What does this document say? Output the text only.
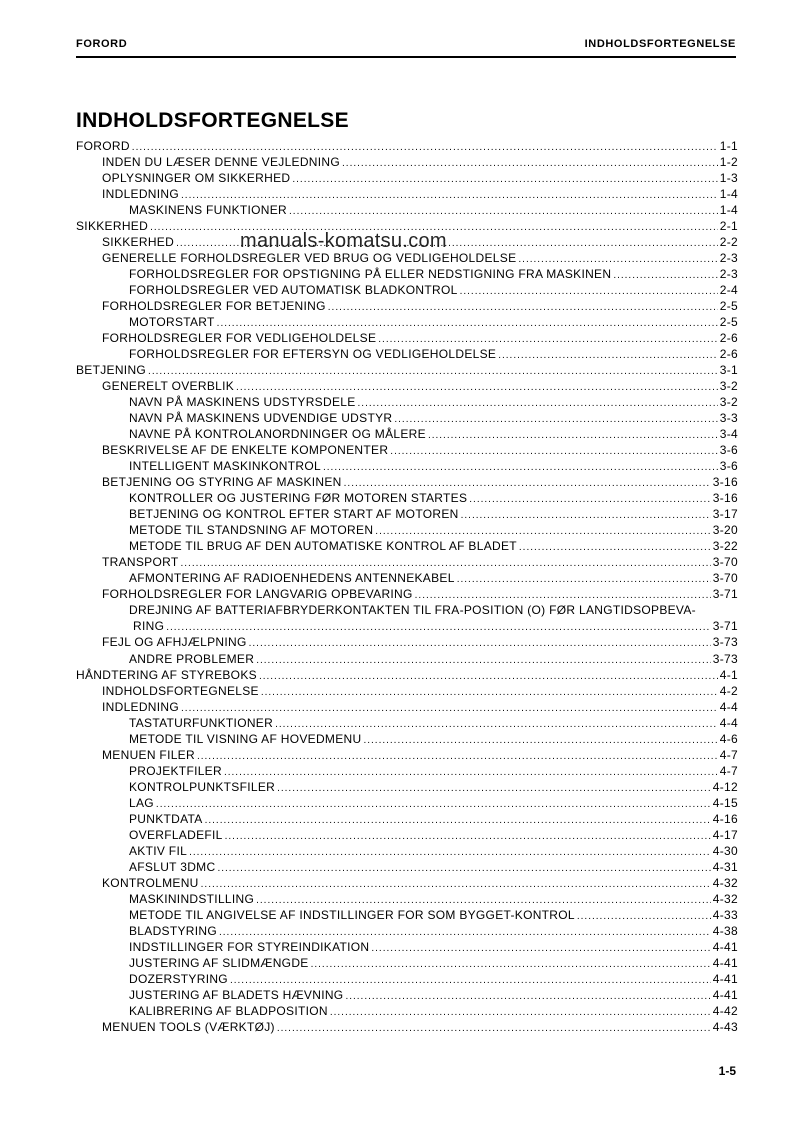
FORORD	INDHOLDSFORTEGNELSE
INDHOLDSFORTEGNELSE
FORORD .....	1-1
INDEN DU LÆSER DENNE VEJLEDNING .....	1-2
OPLYSNINGER OM SIKKERHED .....	1-3
INDLEDNING .....	1-4
MASKINENS FUNKTIONER .....	1-4
SIKKERHED .....	2-1
SIKKERHED .....	2-2
GENERELLE FORHOLDSREGLER VED BRUG OG VEDLIGEHOLDELSE .....	2-3
FORHOLDSREGLER FOR OPSTIGNING PÅ ELLER NEDSTIGNING FRA MASKINEN .....	2-3
FORHOLDSREGLER VED AUTOMATISK BLADKONTROL .....	2-4
FORHOLDSREGLER FOR BETJENING .....	2-5
MOTORSTART .....	2-5
FORHOLDSREGLER FOR VEDLIGEHOLDELSE .....	2-6
FORHOLDSREGLER FOR EFTERSYN OG VEDLIGEHOLDELSE .....	2-6
BETJENING .....	3-1
GENERELT OVERBLIK .....	3-2
NAVN PÅ MASKINENS UDSTYRSDELE .....	3-2
NAVN PÅ MASKINENS UDVENDIGE UDSTYR .....	3-3
NAVNE PÅ KONTROLANORDNINGER OG MÅLERE .....	3-4
BESKRIVELSE AF DE ENKELTE KOMPONENTER .....	3-6
INTELLIGENT MASKINKONTROL .....	3-6
BETJENING OG STYRING AF MASKINEN .....	3-16
KONTROLLER OG JUSTERING FØR MOTOREN STARTES .....	3-16
BETJENING OG KONTROL EFTER START AF MOTOREN .....	3-17
METODE TIL STANDSNING AF MOTOREN .....	3-20
METODE TIL BRUG AF DEN AUTOMATISKE KONTROL AF BLADET .....	3-22
TRANSPORT .....	3-70
AFMONTERING AF RADIOENHEDENS ANTENNEKABEL .....	3-70
FORHOLDSREGLER FOR LANGVARIG OPBEVARING .....	3-71
DREJNING AF BATTERIAFBRYDERKONTAKTEN TIL FRA-POSITION (O) FØR LANGTIDSOPBEVA-
RING .....	3-71
FEJL OG AFHJÆLPNING .....	3-73
ANDRE PROBLEMER .....	3-73
HÅNDTERING AF STYREBOKS .....	4-1
INDHOLDSFORTEGNELSE .....	4-2
INDLEDNING .....	4-4
TASTATURFUNKTIONER .....	4-4
METODE TIL VISNING AF HOVEDMENU .....	4-6
MENUEN FILER .....	4-7
PROJEKTFILER .....	4-7
KONTROLPUNKTSFILER .....	4-12
LAG .....	4-15
PUNKTDATA .....	4-16
OVERFLADEFIL .....	4-17
AKTIV FIL .....	4-30
AFSLUT 3DMC .....	4-31
KONTROLMENU .....	4-32
MASKININDSTILLING .....	4-32
METODE TIL ANGIVELSE AF INDSTILLINGER FOR SOM BYGGET-KONTROL .....	4-33
BLADSTYRING .....	4-38
INDSTILLINGER FOR STYREINDIKATION .....	4-41
JUSTERING AF SLIDMÆNGDE .....	4-41
DOZERSTYRING .....	4-41
JUSTERING AF BLADETS HÆVNING .....	4-41
KALIBRERING AF BLADPOSITION .....	4-42
MENUEN TOOLS (VÆRKTØJ) .....	4-43
manuals-komatsu.com
1-5
